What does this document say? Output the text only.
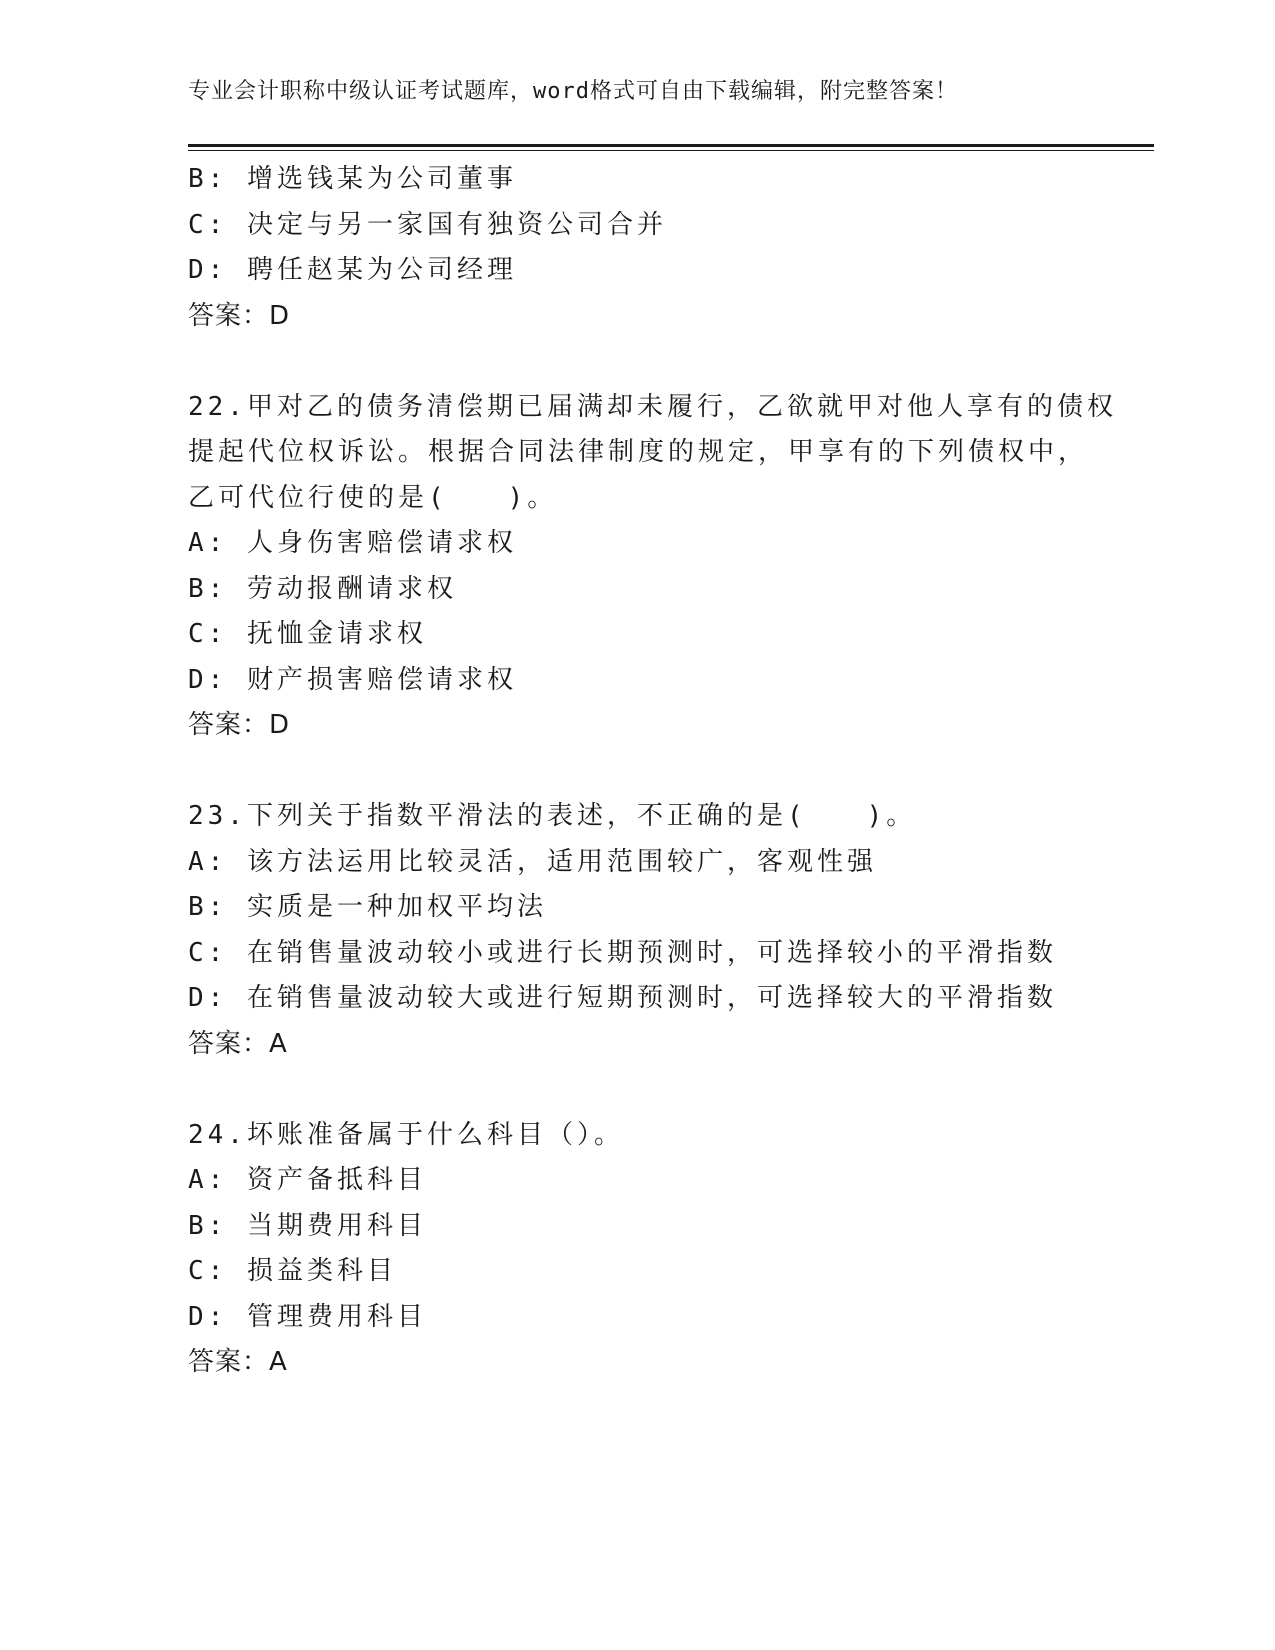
专业会计职称中级认证考试题库，word格式可自由下载编辑，附完整答案！
B: 增选钱某为公司董事
C: 决定与另一家国有独资公司合并
D: 聘任赵某为公司经理
答案：D
22.甲对乙的债务清偿期已届满却未履行，乙欲就甲对他人享有的债权
提起代位权诉讼。根据合同法律制度的规定，甲享有的下列债权中，
乙可代位行使的是(　　)。
A: 人身伤害赔偿请求权
B: 劳动报酬请求权
C: 抚恤金请求权
D: 财产损害赔偿请求权
答案：D
23.下列关于指数平滑法的表述，不正确的是(　　)。
A: 该方法运用比较灵活，适用范围较广，客观性强
B: 实质是一种加权平均法
C: 在销售量波动较小或进行长期预测时，可选择较小的平滑指数
D: 在销售量波动较大或进行短期预测时，可选择较大的平滑指数
答案：A
24.坏账准备属于什么科目（）。
A: 资产备抵科目
B: 当期费用科目
C: 损益类科目
D: 管理费用科目
答案：A
